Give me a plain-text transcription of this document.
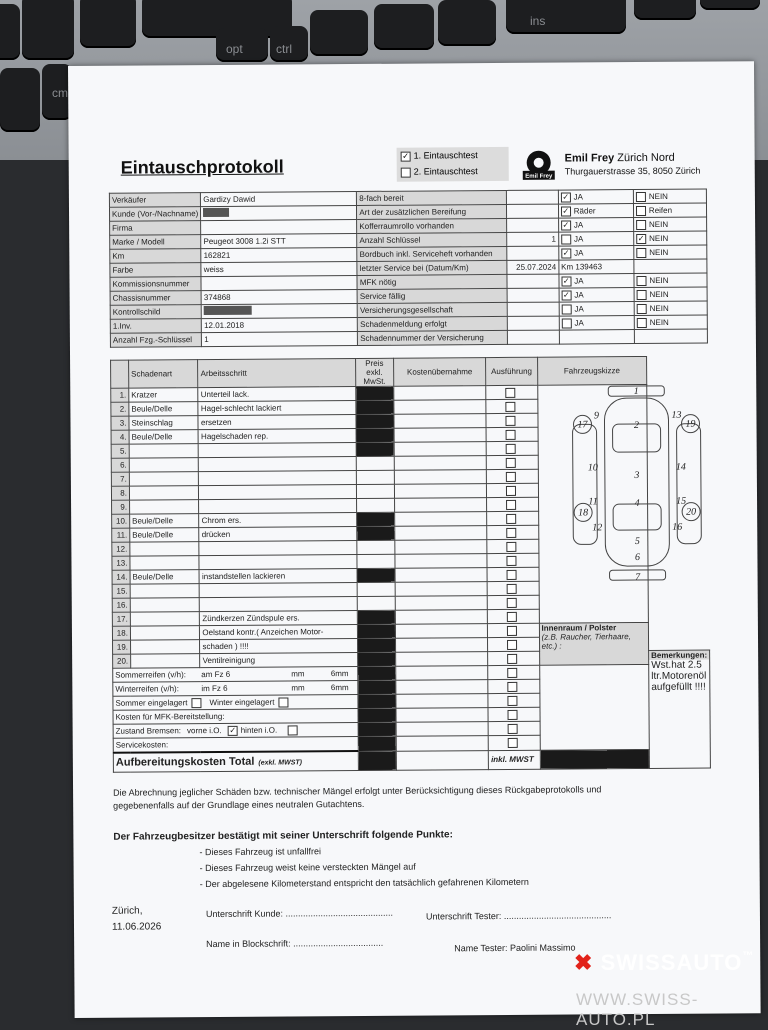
ins
cm
opt	ctrl
Eintauschprotokoll
✓ 1. Eintauschtest
2. Eintauschtest
Emil Frey
Emil Frey Zürich Nord
Thurgauerstrasse 35, 8050 Zürich
Verkäufer	Gardizy Dawid	8-fach bereit		✓ JA	NEIN
Kunde (Vor-/Nachname)		Art der zusätzlichen Bereifung		✓ Räder	Reifen
Firma		Kofferraumrollo vorhanden		✓ JA	NEIN
Marke / Modell	Peugeot 3008 1.2i STT	Anzahl Schlüssel	1	JA	✓ NEIN
Km	162821	Bordbuch inkl. Serviceheft vorhanden		✓ JA	NEIN
Farbe	weiss	letzter Service bei (Datum/Km)	25.07.2024	Km 139463	
Kommissionsnummer		MFK nötig		✓ JA	NEIN
Chassisnummer	374868	Service fällig		✓ JA	NEIN
Kontrollschild		Versicherungsgesellschaft		JA	NEIN
1.Inv.	12.01.2018	Schadenmeldung erfolgt		JA	NEIN
Anzahl Fzg.-Schlüssel	1	Schadennummer der Versicherung			
	Schadenart	Arbeitsschritt	Preis exkl. MwSt.	Kostenübernahme	Ausführung	Fahrzeugskizze	
1.	Kratzer	Unterteil lack.					
2.	Beule/Delle	Hagel-schlecht lackiert					
3.	Steinschlag	ersetzen					
4.	Beule/Delle	Hagelschaden rep.					
5.							
6.							
7.							
8.							
9.							
10.	Beule/Delle	Chrom ers.					
11.	Beule/Delle	drücken					
12.							
13.							
14.	Beule/Delle	instandstellen lackieren					
15.							
16.							
17.		Zündkerzen Zündspule ers.					
18.		Oelstand kontr.( Anzeichen Motor-				Innenraum / Polster
(z.B. Raucher, Tierhaare, etc.) :	

19.		schaden ) !!!!					
20.		Ventilreinigung					Bemerkungen:
Wst.hat 2.5 ltr.Motorenöl aufgefüllt !!!!

Sommerreifen (v/h): am Fz 6 mm 6mm							
Winterreifen (v/h): im Fz 6 mm 6mm							
Sommer eingelagert Winter eingelagert							
Kosten für MFK-Bereitstellung:							
Zustand Bremsen: vorne i.O. ✓ hinten i.O.							
Servicekosten:							
Aufbereitungskosten Total (exkl. MWST)					inkl. MWST		
1
2
3
4
5
6
7
9	13
10	14
11	15
17	19
18	20
12	16
Die Abrechnung jeglicher Schäden bzw. technischer Mängel erfolgt unter Berücksichtigung dieses Rückgabeprotokolls und
gegebenenfalls auf der Grundlage eines neutralen Gutachtens.
Der Fahrzeugbesitzer bestätigt mit seiner Unterschrift folgende Punkte:
- Dieses Fahrzeug ist unfallfrei
- Dieses Fahrzeug weist keine versteckten Mängel auf
- Der abgelesene Kilometerstand entspricht den tatsächlich gefahrenen Kilometern
Zürich,
11.06.2026
Unterschrift Kunde: ...........................................	Unterschrift Tester: ...........................................
Name in Blockschrift: ....................................	Name Tester: Paolini Massimo
✖ SWISSAUTO™
WWW.SWISS-AUTO.PL
